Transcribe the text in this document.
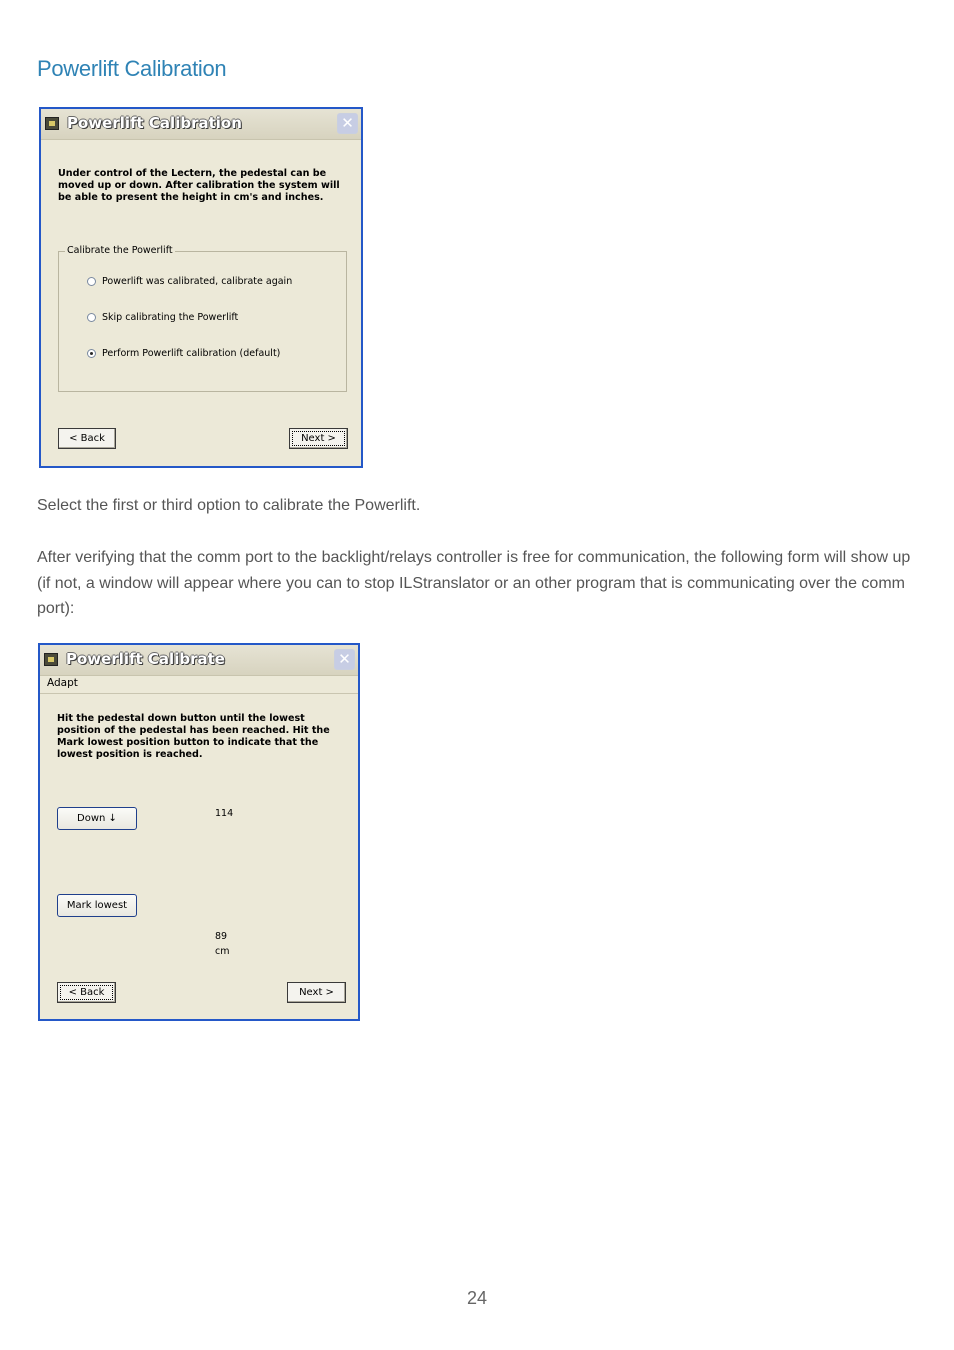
Powerlift Calibration
Powerlift Calibration	✕

Under control of the Lectern, the pedestal can be moved up or down. After calibration the system will be able to present the height in cm's and inches.

Calibrate the Powerlift
Powerlift was calibrated, calibrate again
Skip calibrating the Powerlift
Perform Powerlift calibration (default)
< Back	Next >

Select the first or third option to calibrate the Powerlift.

After verifying that the comm port to the backlight/relays controller is free for communication, the following form will show up (if not, a window will appear where you can to stop ILStranslator or an other program that is communicating over the comm port):

Powerlift Calibrate	✕
Adapt

Hit the pedestal down button until the lowest position of the pedestal has been reached. Hit the Mark lowest position button to indicate that the lowest position is reached.

Down ↓	114
Mark lowest
89
cm
< Back	Next >
24
